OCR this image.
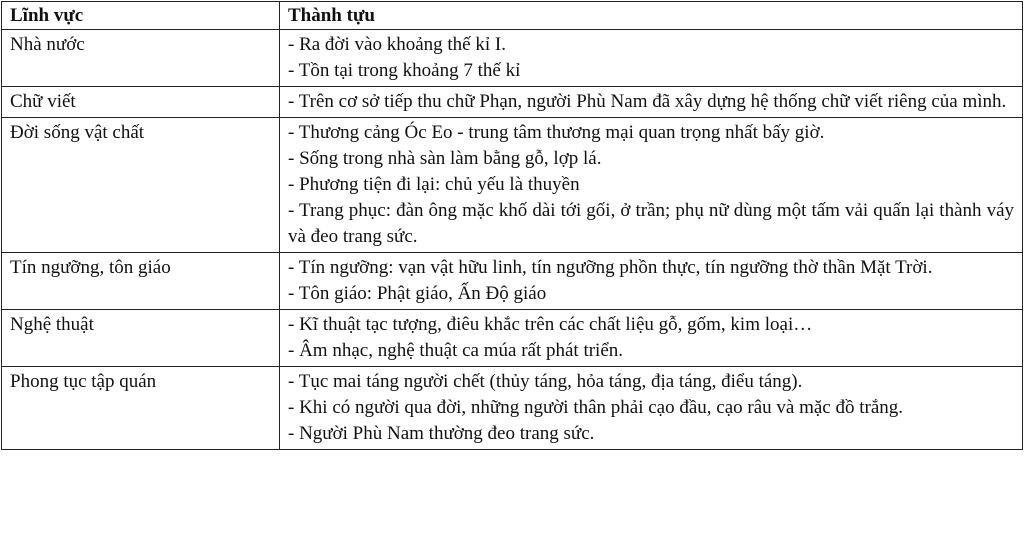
Lĩnh vực	Thành tựu
Nhà nước	- Ra đời vào khoảng thế kỉ I.
- Tồn tại trong khoảng 7 thế kỉ

Chữ viết	- Trên cơ sở tiếp thu chữ Phạn, người Phù Nam đã xây dựng hệ thống chữ viết riêng của mình.

Đời sống vật chất	- Thương cảng Óc Eo - trung tâm thương mại quan trọng nhất bấy giờ.
- Sống trong nhà sàn làm bằng gỗ, lợp lá.
- Phương tiện đi lại: chủ yếu là thuyền
- Trang phục: đàn ông mặc khố dài tới gối, ở trần; phụ nữ dùng một tấm vải quấn lại thành váy và đeo trang sức.

Tín ngưỡng, tôn giáo	- Tín ngưỡng: vạn vật hữu linh, tín ngưỡng phồn thực, tín ngưỡng thờ thần Mặt Trời.
- Tôn giáo: Phật giáo, Ấn Độ giáo

Nghệ thuật	- Kĩ thuật tạc tượng, điêu khắc trên các chất liệu gỗ, gốm, kim loại…
- Âm nhạc, nghệ thuật ca múa rất phát triển.

Phong tục tập quán	- Tục mai táng người chết (thủy táng, hỏa táng, địa táng, điểu táng).
- Khi có người qua đời, những người thân phải cạo đầu, cạo râu và mặc đồ trắng.
- Người Phù Nam thường đeo trang sức.
